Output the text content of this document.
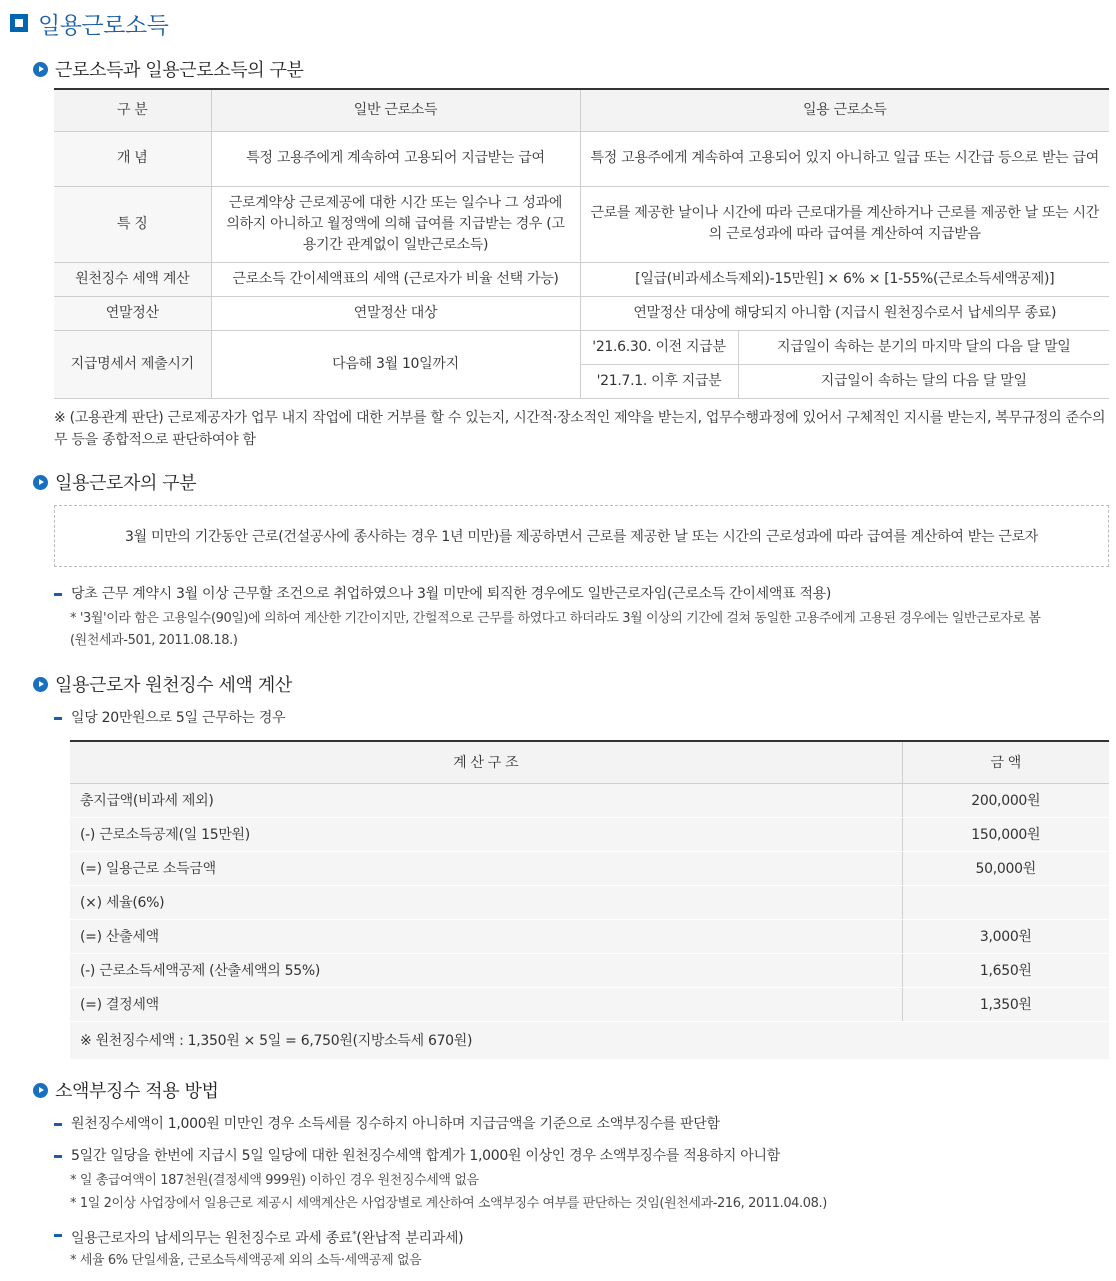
일용근로소득
근로소득과 일용근로소득의 구분
구 분	일반 근로소득	일용 근로소득	
개 념	특정 고용주에게 계속하여 고용되어 지급받는 급여	특정 고용주에게 계속하여 고용되어 있지 아니하고 일급 또는 시간급 등으로 받는 급여	
특 징	근로계약상 근로제공에 대한 시간 또는 일수나 그 성과에 의하지 아니하고 월정액에 의해 급여를 지급받는 경우 (고용기간 관계없이 일반근로소득)	근로를 제공한 날이나 시간에 따라 근로대가를 계산하거나 근로를 제공한 날 또는 시간의 근로성과에 따라 급여를 계산하여 지급받음	
원천징수 세액 계산	근로소득 간이세액표의 세액 (근로자가 비율 선택 가능)	[일급(비과세소득제외)-15만원] × 6% × [1-55%(근로소득세액공제)]	
연말정산	연말정산 대상	연말정산 대상에 해당되지 아니함 (지급시 원천징수로서 납세의무 종료)	
지급명세서 제출시기	다음해 3월 10일까지	'21.6.30. 이전 지급분	지급일이 속하는 분기의 마지막 달의 다음 달 말일
		'21.7.1. 이후 지급분	지급일이 속하는 달의 다음 달 말일
※ (고용관계 판단) 근로제공자가 업무 내지 작업에 대한 거부를 할 수 있는지, 시간적·장소적인 제약을 받는지, 업무수행과정에 있어서 구체적인 지시를 받는지, 복무규정의 준수의무 등을 종합적으로 판단하여야 함
일용근로자의 구분
3월 미만의 기간동안 근로(건설공사에 종사하는 경우 1년 미만)를 제공하면서 근로를 제공한 날 또는 시간의 근로성과에 따라 급여를 계산하여 받는 근로자
당초 근무 계약시 3월 이상 근무할 조건으로 취업하였으나 3월 미만에 퇴직한 경우에도 일반근로자임(근로소득 간이세액표 적용)
* '3월'이라 함은 고용일수(90일)에 의하여 계산한 기간이지만, 간헐적으로 근무를 하였다고 하더라도 3월 이상의 기간에 걸쳐 동일한 고용주에게 고용된 경우에는 일반근로자로 봄
(원천세과-501, 2011.08.18.)
일용근로자 원천징수 세액 계산
일당 20만원으로 5일 근무하는 경우
계 산 구 조	금 액
총지급액(비과세 제외)	200,000원
(-) 근로소득공제(일 15만원)	150,000원
(=) 일용근로 소득금액	50,000원
(×) 세율(6%)	
(=) 산출세액	3,000원
(-) 근로소득세액공제 (산출세액의 55%)	1,650원
(=) 결정세액	1,350원
※ 원천징수세액 : 1,350원 × 5일 = 6,750원(지방소득세 670원)	
소액부징수 적용 방법
원천징수세액이 1,000원 미만인 경우 소득세를 징수하지 아니하며 지급금액을 기준으로 소액부징수를 판단함
5일간 일당을 한번에 지급시 5일 일당에 대한 원천징수세액 합계가 1,000원 이상인 경우 소액부징수를 적용하지 아니함
* 일 총급여액이 187천원(결정세액 999원) 이하인 경우 원천징수세액 없음
* 1일 2이상 사업장에서 일용근로 제공시 세액계산은 사업장별로 계산하여 소액부징수 여부를 판단하는 것임(원천세과-216, 2011.04.08.)
일용근로자의 납세의무는 원천징수로 과세 종료*(완납적 분리과세)
* 세율 6% 단일세율, 근로소득세액공제 외의 소득·세액공제 없음
